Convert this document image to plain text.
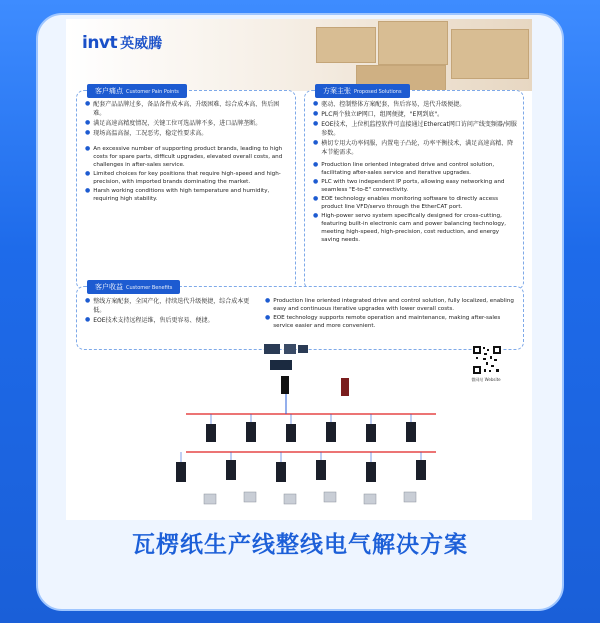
invt 英威腾
客户痛点 Customer Pain Points
● 配套产品品牌过多，备品备件成本高、升级困难、综合成本高、售后困难。
● 满足高速高精度情况，关键工位可选品牌不多，进口品牌垄断。
● 现场高温高湿，工况恶劣，稳定性要求高。
● An excessive number of supporting product brands, leading to high costs for spare parts, difficult upgrades, elevated overall costs, and challenges in after-sales service.
● Limited choices for key positions that require high-speed and high-precision, with imported brands dominating the market.
● Harsh working conditions with high temperature and humidity, requiring high stability.
方案主张 Proposed Solutions
● 驱动、控制整体方案配套，售后容易，迭代升级便捷。
● PLC两个独立IP网口，组网便捷，"E网到底"。
● EOE技术，上位机监控软件可直接通过Ethercat网口访问产线变频器/伺服参数。
● 横切专用大功率伺服，内置电子凸轮，功率平衡技术，满足高速高精、降本节能需求。
● Production line oriented integrated drive and control solution, facilitating after-sales service and iterative upgrades.
● PLC with two independent IP ports, allowing easy networking and seamless "E-to-E" connectivity.
● EOE technology enables monitoring software to directly access product line VFD/servo through the EtherCAT port.
● High-power servo system specifically designed for cross-cutting, featuring built-in electronic cam and power balancing technology, meeting high-speed, high-precision, cost reduction, and energy saving needs.
客户收益 Customer Benefits
● 整线方案配套，全国产化，持续迭代升级便捷，综合成本更低。
● EOE技术支持远程运维，售后更容易、便捷。
● Production line oriented integrated drive and control solution, fully localized, enabling easy and continuous iterative upgrades with lower overall costs.
● EOE technology supports remote operation and maintenance, making after-sales service easier and more convenient.
微网站 Website
瓦楞纸生产线整线电气解决方案
